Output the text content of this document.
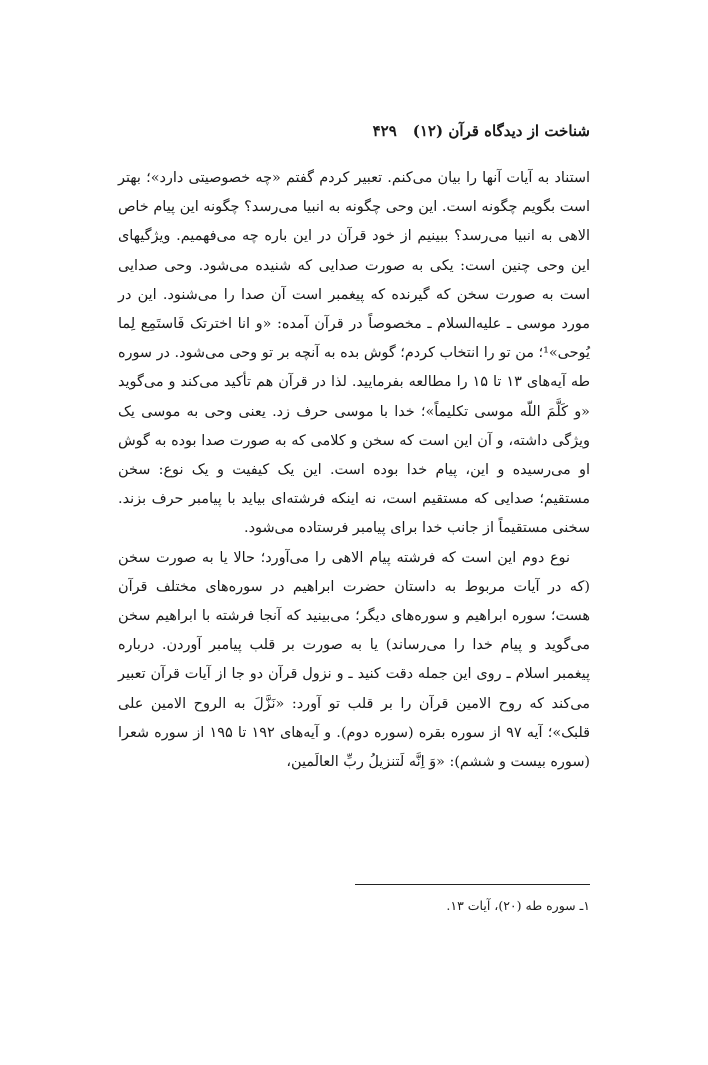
شناخت از دیدگاه قرآن (۱۲)
۴۲۹

استناد به آیات آنها را بیان می‌کنم. تعبیر کردم گفتم «چه خصوصیتی دارد»؛ بهتر است بگویم چگونه است. این وحی چگونه به انبیا می‌رسد؟ چگونه این پیام خاص الاهی به انبیا می‌رسد؟ ببینیم از خود قرآن در این باره چه می‌فهمیم. ویژگیهای این وحی چنین است: یکی به صورت صدایی که شنیده می‌شود. وحی صدایی است به صورت سخن که گیرنده که پیغمبر است آن صدا را می‌شنود. این در مورد موسی ـ علیه‌السلام ـ مخصوصاً در قرآن آمده: «و انا اخترتک فَاستَمِع لِما یُوحی»¹؛ من تو را انتخاب کردم؛ گوش بده به آنچه بر تو وحی می‌شود. در سوره طه آیه‌های ۱۳ تا ۱۵ را مطالعه بفرمایید. لذا در قرآن هم تأکید می‌کند و می‌گوید «و کَلَّمَ اللّه موسی تکلیماً»؛ خدا با موسی حرف زد. یعنی وحی به موسی یک ویژگی داشته، و آن این است که سخن و کلامی که به صورت صدا بوده به گوش او می‌رسیده و این، پیام خدا بوده است. این یک کیفیت و یک نوع: سخن مستقیم؛ صدایی که مستقیم است، نه اینکه فرشته‌ای بیاید با پیامبر حرف بزند. سخنی مستقیماً از جانب خدا برای پیامبر فرستاده می‌شود.

نوع دوم این است که فرشته پیام الاهی را می‌آورد؛ حالا یا به صورت سخن (که در آیات مربوط به داستان حضرت ابراهیم در سوره‌های مختلف قرآن هست؛ سوره ابراهیم و سوره‌های دیگر؛ می‌بینید که آنجا فرشته با ابراهیم سخن می‌گوید و پیام خدا را می‌رساند) یا به صورت بر قلب پیامبر آوردن. درباره پیغمبر اسلام ـ روی این جمله دقت کنید ـ و نزول قرآن دو جا از آیات قرآن تعبیر می‌کند که روح الامین قرآن را بر قلب تو آورد: «نَزَّلَ به الروح الامین علی قلبک»؛ آیه ۹۷ از سوره بقره (سوره دوم). و آیه‌های ۱۹۲ تا ۱۹۵ از سوره شعرا (سوره بیست و ششم): «وَ اِنَّه لَتنزیلُ ربِّ العالَمین،

۱ـ سوره طه (۲۰)، آیات ۱۳.
